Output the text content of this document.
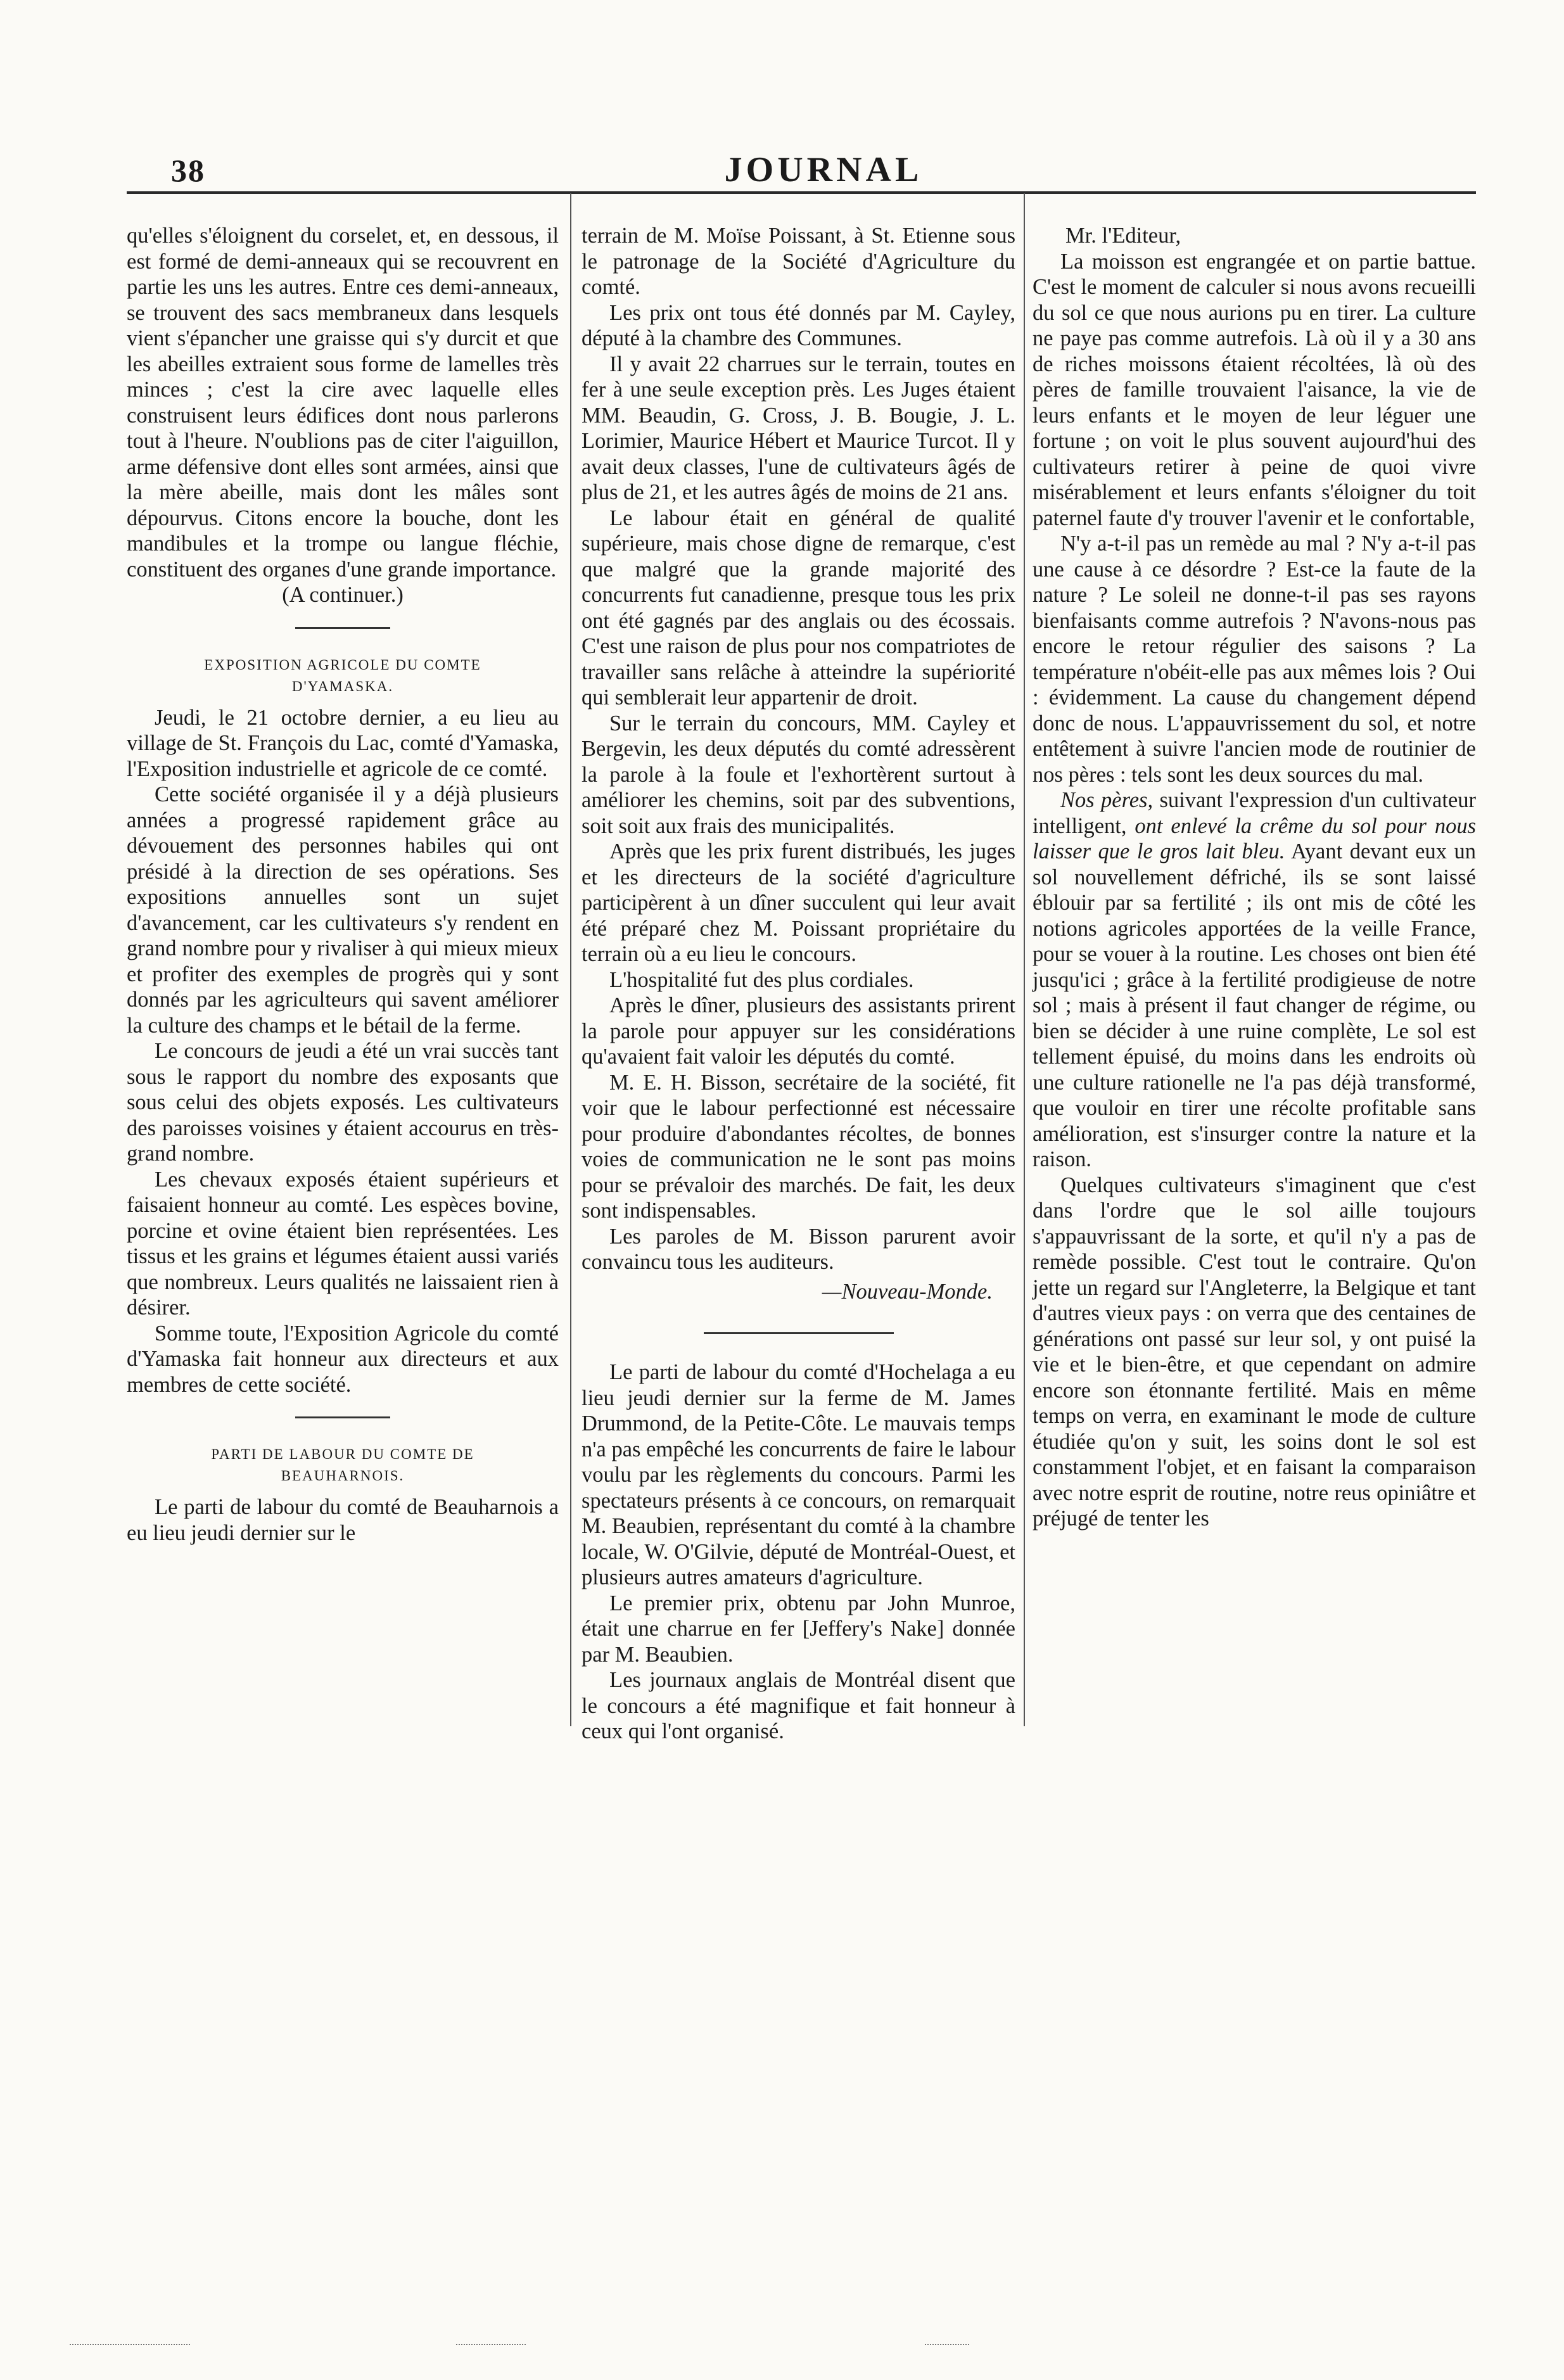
38	JOURNAL

qu'elles s'éloignent du corselet, et, en dessous, il est formé de demi-anneaux qui se recouvrent en partie les uns les autres. Entre ces demi-anneaux, se trouvent des sacs membraneux dans lesquels vient s'épancher une graisse qui s'y durcit et que les abeilles extraient sous forme de lamelles très minces ; c'est la cire avec laquelle elles construisent leurs édifices dont nous parlerons tout à l'heure. N'oublions pas de citer l'aiguillon, arme défensive dont elles sont armées, ainsi que la mère abeille, mais dont les mâles sont dépourvus. Citons encore la bouche, dont les mandibules et la trompe ou langue fléchie, constituent des organes d'une grande importance.

(A continuer.)

EXPOSITION AGRICOLE DU COMTE
D'YAMASKA.

Jeudi, le 21 octobre dernier, a eu lieu au village de St. François du Lac, comté d'Yamaska, l'Exposition industrielle et agricole de ce comté.

Cette société organisée il y a déjà plusieurs années a progressé rapidement grâce au dévouement des personnes habiles qui ont présidé à la direction de ses opérations. Ses expositions annuelles sont un sujet d'avancement, car les cultivateurs s'y rendent en grand nombre pour y rivaliser à qui mieux mieux et profiter des exemples de progrès qui y sont donnés par les agriculteurs qui savent améliorer la culture des champs et le bétail de la ferme.

Le concours de jeudi a été un vrai succès tant sous le rapport du nombre des exposants que sous celui des objets exposés. Les cultivateurs des paroisses voisines y étaient accourus en très-grand nombre.

Les chevaux exposés étaient supérieurs et faisaient honneur au comté. Les espèces bovine, porcine et ovine étaient bien représentées. Les tissus et les grains et légumes étaient aussi variés que nombreux. Leurs qualités ne laissaient rien à désirer.

Somme toute, l'Exposition Agricole du comté d'Yamaska fait honneur aux directeurs et aux membres de cette société.

PARTI DE LABOUR DU COMTE DE
BEAUHARNOIS.

Le parti de labour du comté de Beauharnois a eu lieu jeudi dernier sur le

terrain de M. Moïse Poissant, à St. Etienne sous le patronage de la Société d'Agriculture du comté.

Les prix ont tous été donnés par M. Cayley, député à la chambre des Communes.

Il y avait 22 charrues sur le terrain, toutes en fer à une seule exception près. Les Juges étaient MM. Beaudin, G. Cross, J. B. Bougie, J. L. Lorimier, Maurice Hébert et Maurice Turcot. Il y avait deux classes, l'une de cultivateurs âgés de plus de 21, et les autres âgés de moins de 21 ans.

Le labour était en général de qualité supérieure, mais chose digne de remarque, c'est que malgré que la grande majorité des concurrents fut canadienne, presque tous les prix ont été gagnés par des anglais ou des écossais. C'est une raison de plus pour nos compatriotes de travailler sans relâche à atteindre la supériorité qui semblerait leur appartenir de droit.

Sur le terrain du concours, MM. Cayley et Bergevin, les deux députés du comté adressèrent la parole à la foule et l'exhortèrent surtout à améliorer les chemins, soit par des subventions, soit soit aux frais des municipalités.

Après que les prix furent distribués, les juges et les directeurs de la société d'agriculture participèrent à un dîner succulent qui leur avait été préparé chez M. Poissant propriétaire du terrain où a eu lieu le concours.

L'hospitalité fut des plus cordiales.

Après le dîner, plusieurs des assistants prirent la parole pour appuyer sur les considérations qu'avaient fait valoir les députés du comté.

M. E. H. Bisson, secrétaire de la société, fit voir que le labour perfectionné est nécessaire pour produire d'abondantes récoltes, de bonnes voies de communication ne le sont pas moins pour se prévaloir des marchés. De fait, les deux sont indispensables.

Les paroles de M. Bisson parurent avoir convaincu tous les auditeurs.

—Nouveau-Monde.

Le parti de labour du comté d'Hochelaga a eu lieu jeudi dernier sur la ferme de M. James Drummond, de la Petite-Côte. Le mauvais temps n'a pas empêché les concurrents de faire le labour voulu par les règlements du concours. Parmi les spectateurs présents à ce concours, on remarquait M. Beaubien, représentant du comté à la chambre locale, W. O'Gilvie, député de Montréal-Ouest, et plusieurs autres amateurs d'agriculture.

Le premier prix, obtenu par John Munroe, était une charrue en fer [Jeffery's Nake] donnée par M. Beaubien.

Les journaux anglais de Montréal disent que le concours a été magnifique et fait honneur à ceux qui l'ont organisé.

Mr. l'Editeur,

La moisson est engrangée et on partie battue. C'est le moment de calculer si nous avons recueilli du sol ce que nous aurions pu en tirer. La culture ne paye pas comme autrefois. Là où il y a 30 ans de riches moissons étaient récoltées, là où des pères de famille trouvaient l'aisance, la vie de leurs enfants et le moyen de leur léguer une fortune ; on voit le plus souvent aujourd'hui des cultivateurs retirer à peine de quoi vivre misérablement et leurs enfants s'éloigner du toit paternel faute d'y trouver l'avenir et le confortable,

N'y a-t-il pas un remède au mal ? N'y a-t-il pas une cause à ce désordre ? Est-ce la faute de la nature ? Le soleil ne donne-t-il pas ses rayons bienfaisants comme autrefois ? N'avons-nous pas encore le retour régulier des saisons ? La température n'obéit-elle pas aux mêmes lois ? Oui : évidemment. La cause du changement dépend donc de nous. L'appauvrissement du sol, et notre entêtement à suivre l'ancien mode de routinier de nos pères : tels sont les deux sources du mal.

Nos pères, suivant l'expression d'un cultivateur intelligent, ont enlevé la crême du sol pour nous laisser que le gros lait bleu. Ayant devant eux un sol nouvellement défriché, ils se sont laissé éblouir par sa fertilité ; ils ont mis de côté les notions agricoles apportées de la veille France, pour se vouer à la routine. Les choses ont bien été jusqu'ici ; grâce à la fertilité prodigieuse de notre sol ; mais à présent il faut changer de régime, ou bien se décider à une ruine complète, Le sol est tellement épuisé, du moins dans les endroits où une culture rationelle ne l'a pas déjà transformé, que vouloir en tirer une récolte profitable sans amélioration, est s'insurger contre la nature et la raison.

Quelques cultivateurs s'imaginent que c'est dans l'ordre que le sol aille toujours s'appauvrissant de la sorte, et qu'il n'y a pas de remède possible. C'est tout le contraire. Qu'on jette un regard sur l'Angleterre, la Belgique et tant d'autres vieux pays : on verra que des centaines de générations ont passé sur leur sol, y ont puisé la vie et le bien-être, et que cependant on admire encore son étonnante fertilité. Mais en même temps on verra, en examinant le mode de culture étudiée qu'on y suit, les soins dont le sol est constamment l'objet, et en faisant la comparaison avec notre esprit de routine, notre reus opiniâtre et préjugé de tenter les
